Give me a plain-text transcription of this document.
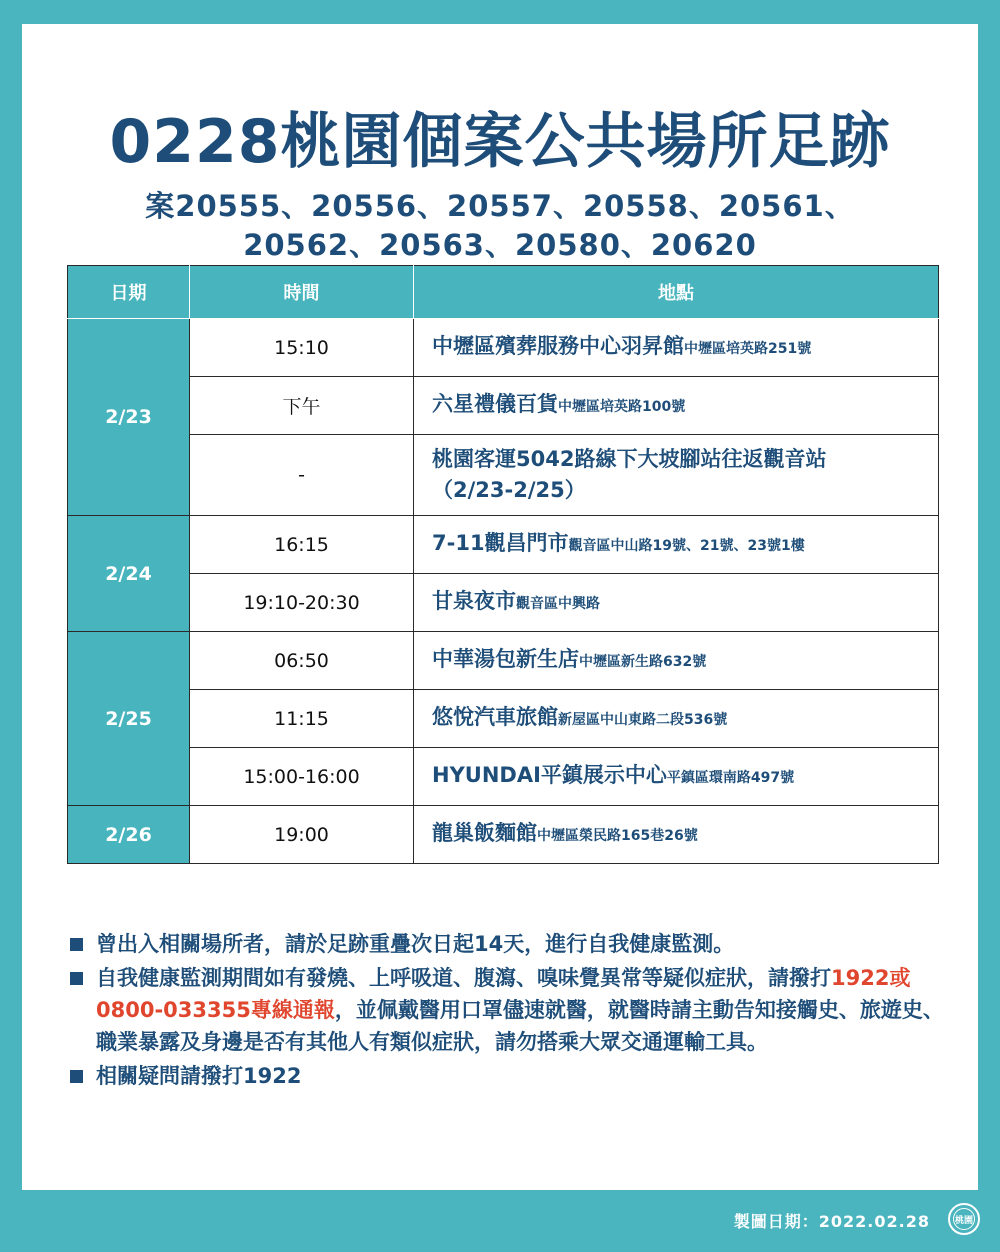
0228桃園個案公共場所足跡
案20555、20556、20557、20558、20561、
20562、20563、20580、20620
日期	時間	地點
2/23	15:10	中壢區殯葬服務中心羽昇館中壢區培英路251號
	下午	六星禮儀百貨中壢區培英路100號
	-	桃園客運5042路線下大坡腳站往返觀音站
（2/23-2/25）

2/24	16:15	7-11觀昌門市觀音區中山路19號、21號、23號1樓
	19:10-20:30	甘泉夜市觀音區中興路
2/25	06:50	中華湯包新生店中壢區新生路632號
	11:15	悠悅汽車旅館新屋區中山東路二段536號
	15:00-16:00	HYUNDAI平鎮展示中心平鎮區環南路497號
2/26	19:00	龍巢飯麵館中壢區榮民路165巷26號
曾出入相關場所者，請於足跡重疊次日起14天，進行自我健康監測。
自我健康監測期間如有發燒、上呼吸道、腹瀉、嗅味覺異常等疑似症狀，請撥打1922或0800-033355專線通報，並佩戴醫用口罩儘速就醫，就醫時請主動告知接觸史、旅遊史、職業暴露及身邊是否有其他人有類似症狀，請勿搭乘大眾交通運輸工具。
相關疑問請撥打1922
製圖日期：2022.02.28	桃園
